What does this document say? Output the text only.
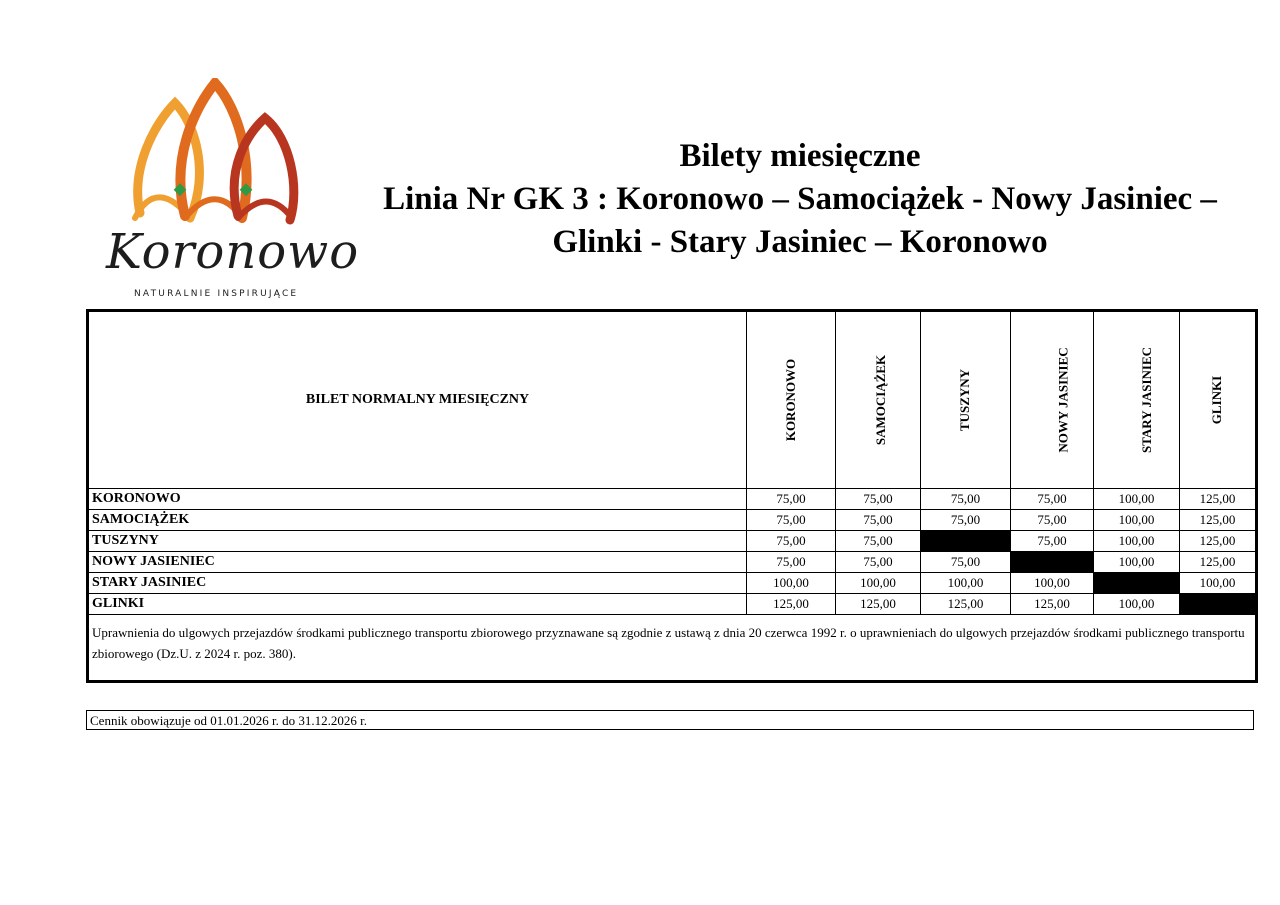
Koronowo
NATURALNIE INSPIRUJĄCE
Bilety miesięczne
Linia Nr GK 3 : Koronowo – Samociążek - Nowy Jasiniec –
Glinki - Stary Jasiniec – Koronowo
BILET NORMALNY MIESIĘCZNY	KORONOWO	SAMOCIĄŻEK	TUSZYNY	NOWY JASINIEC	STARY JASINIEC	GLINKI
KORONOWO	75,00	75,00	75,00	75,00	100,00	125,00
SAMOCIĄŻEK	75,00	75,00	75,00	75,00	100,00	125,00
TUSZYNY	75,00	75,00		75,00	100,00	125,00
NOWY JASIENIEC	75,00	75,00	75,00		100,00	125,00
STARY JASINIEC	100,00	100,00	100,00	100,00		100,00
GLINKI	125,00	125,00	125,00	125,00	100,00	
Uprawnienia do ulgowych przejazdów środkami publicznego transportu zbiorowego przyznawane są zgodnie z ustawą z dnia 20 czerwca 1992 r. o uprawnieniach do ulgowych przejazdów środkami publicznego transportu zbiorowego (Dz.U. z 2024 r. poz. 380).						
Cennik obowiązuje od 01.01.2026 r. do 31.12.2026 r.
